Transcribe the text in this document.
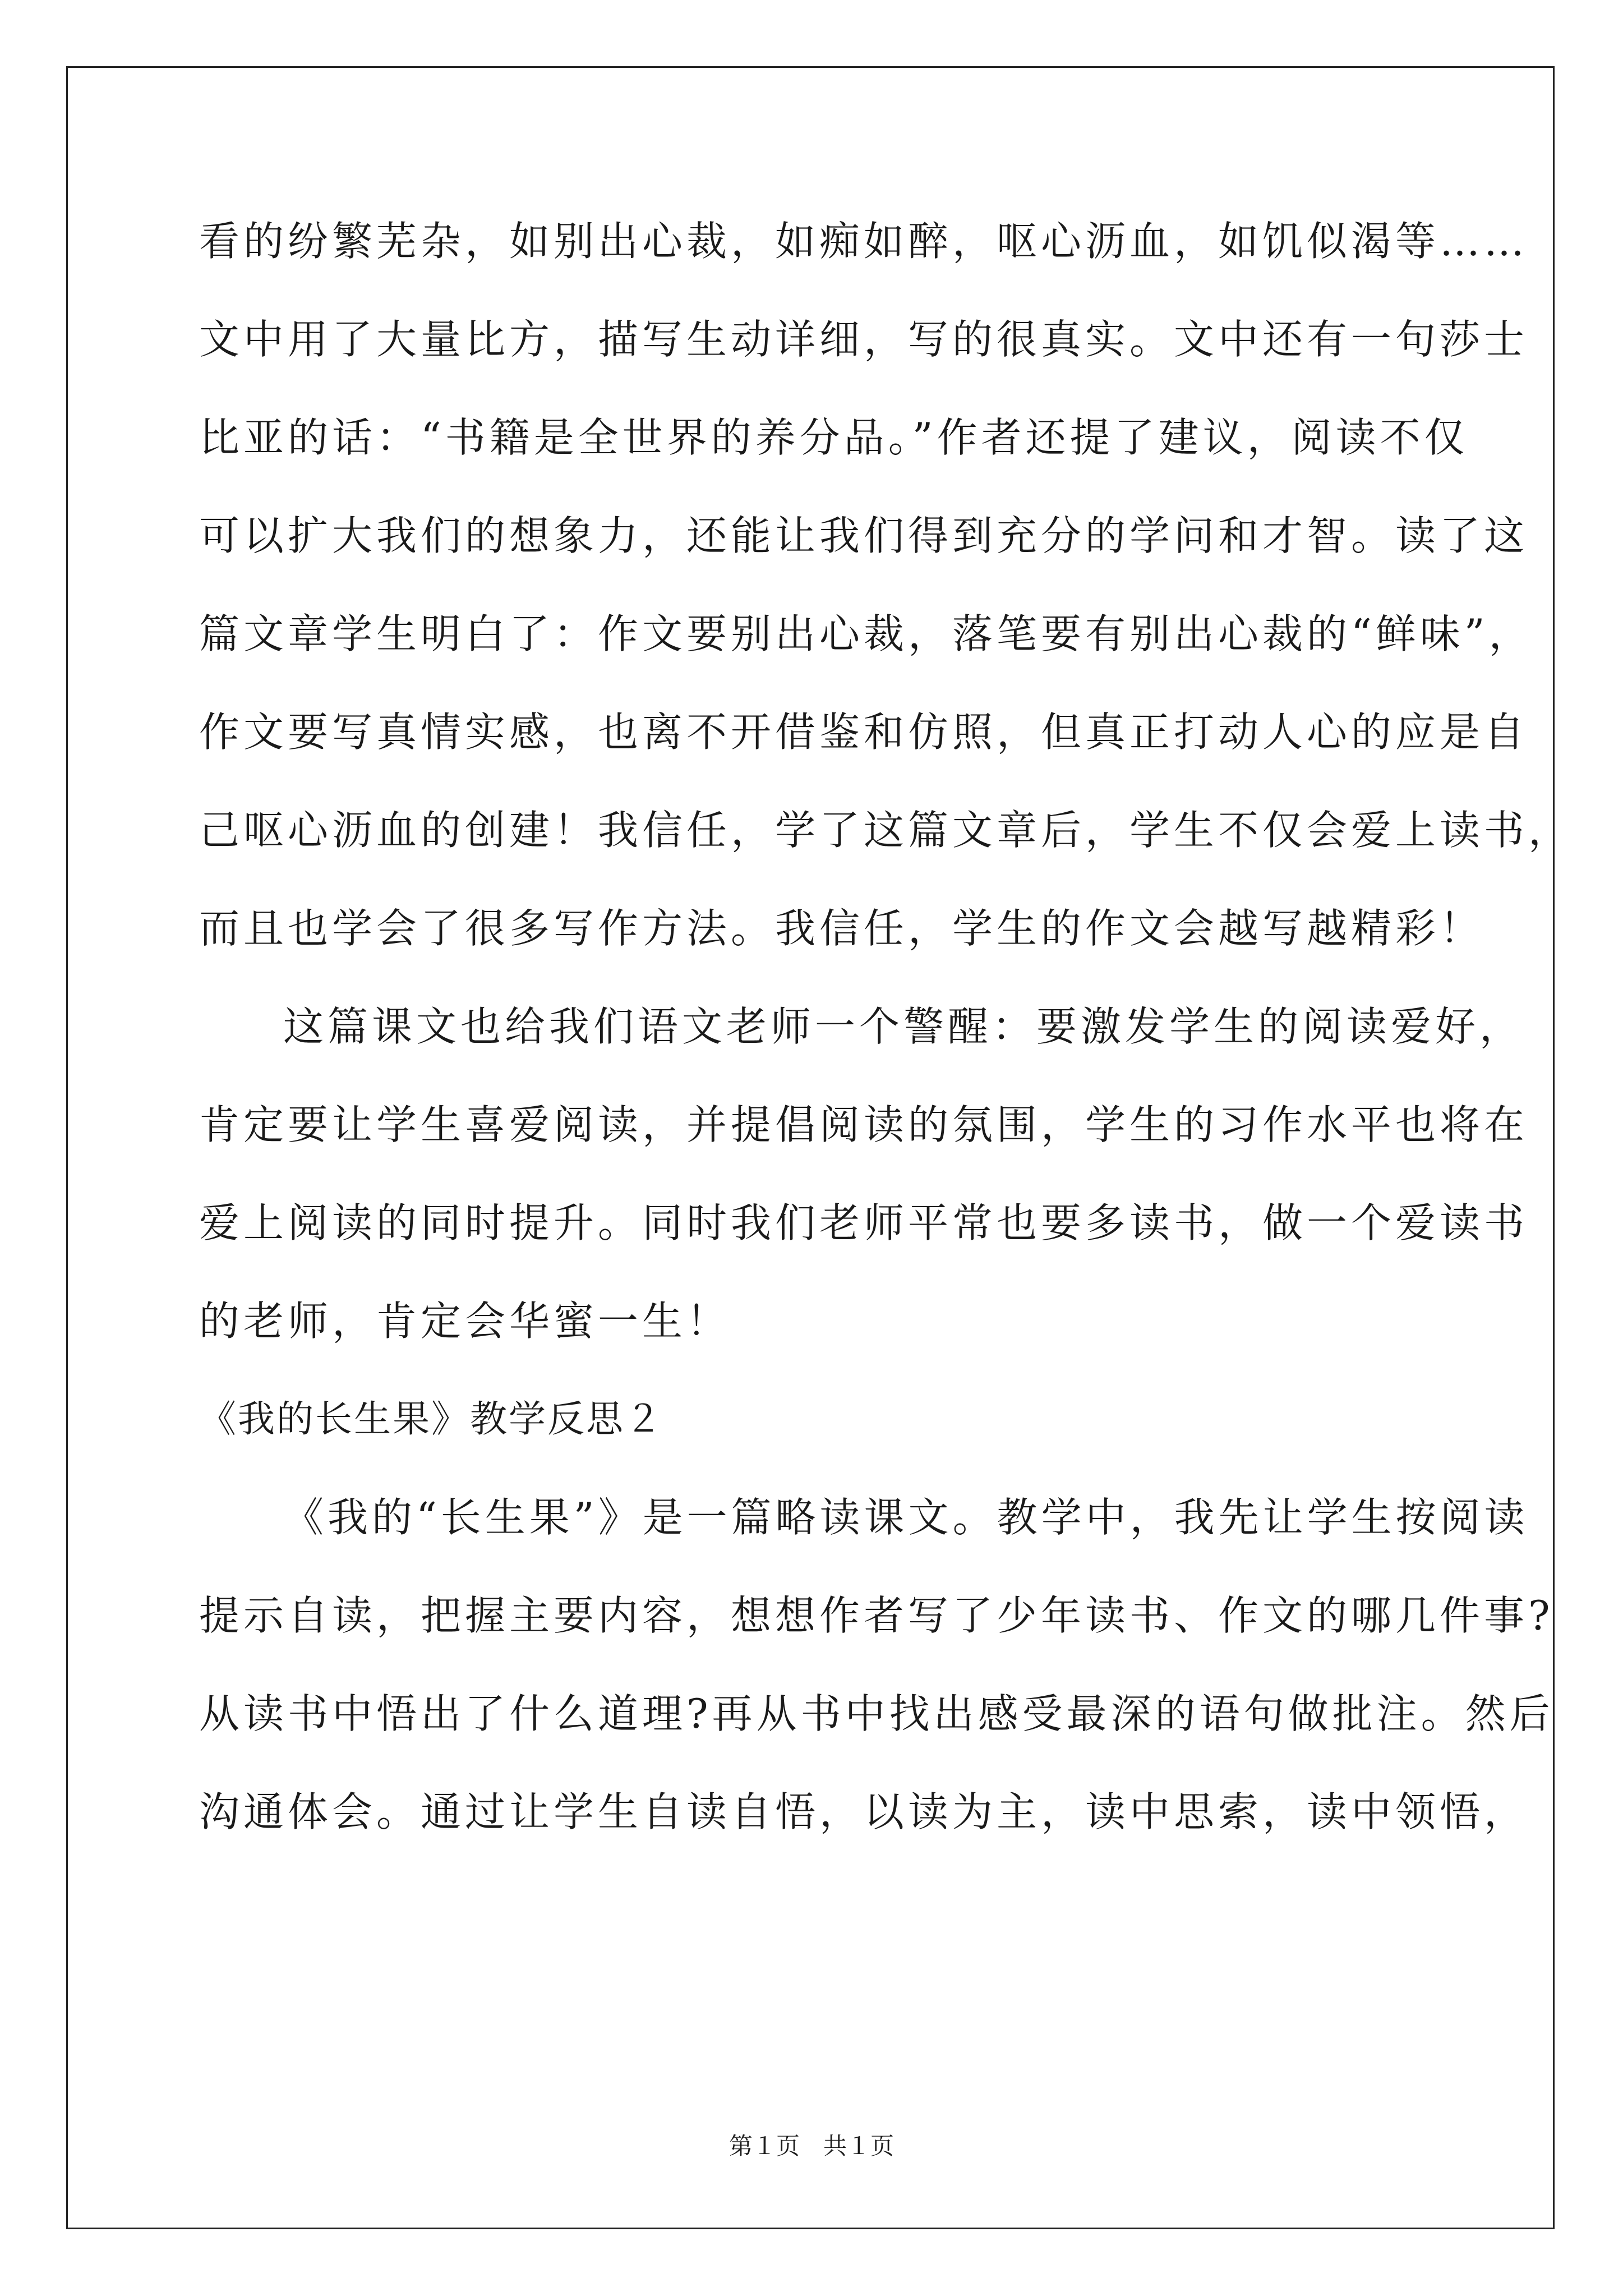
看的纷繁芜杂，如别出心裁，如痴如醉，呕心沥血，如饥似渴等……
文中用了大量比方，描写生动详细，写的很真实。文中还有一句莎士
比亚的话：“书籍是全世界的养分品。”作者还提了建议，阅读不仅
可以扩大我们的想象力，还能让我们得到充分的学问和才智。读了这
篇文章学生明白了：作文要别出心裁，落笔要有别出心裁的“鲜味”，
作文要写真情实感，也离不开借鉴和仿照，但真正打动人心的应是自
己呕心沥血的创建！我信任，学了这篇文章后，学生不仅会爱上读书，
而且也学会了很多写作方法。我信任，学生的作文会越写越精彩！
这篇课文也给我们语文老师一个警醒：要激发学生的阅读爱好，
肯定要让学生喜爱阅读，并提倡阅读的氛围，学生的习作水平也将在
爱上阅读的同时提升。同时我们老师平常也要多读书，做一个爱读书
的老师，肯定会华蜜一生！
《我的长生果》教学反思２
《我的“长生果”》是一篇略读课文。教学中，我先让学生按阅读
提示自读，把握主要内容，想想作者写了少年读书、作文的哪几件事?
从读书中悟出了什么道理?再从书中找出感受最深的语句做批注。然后
沟通体会。通过让学生自读自悟，以读为主，读中思索，读中领悟，
第１页　共１页
